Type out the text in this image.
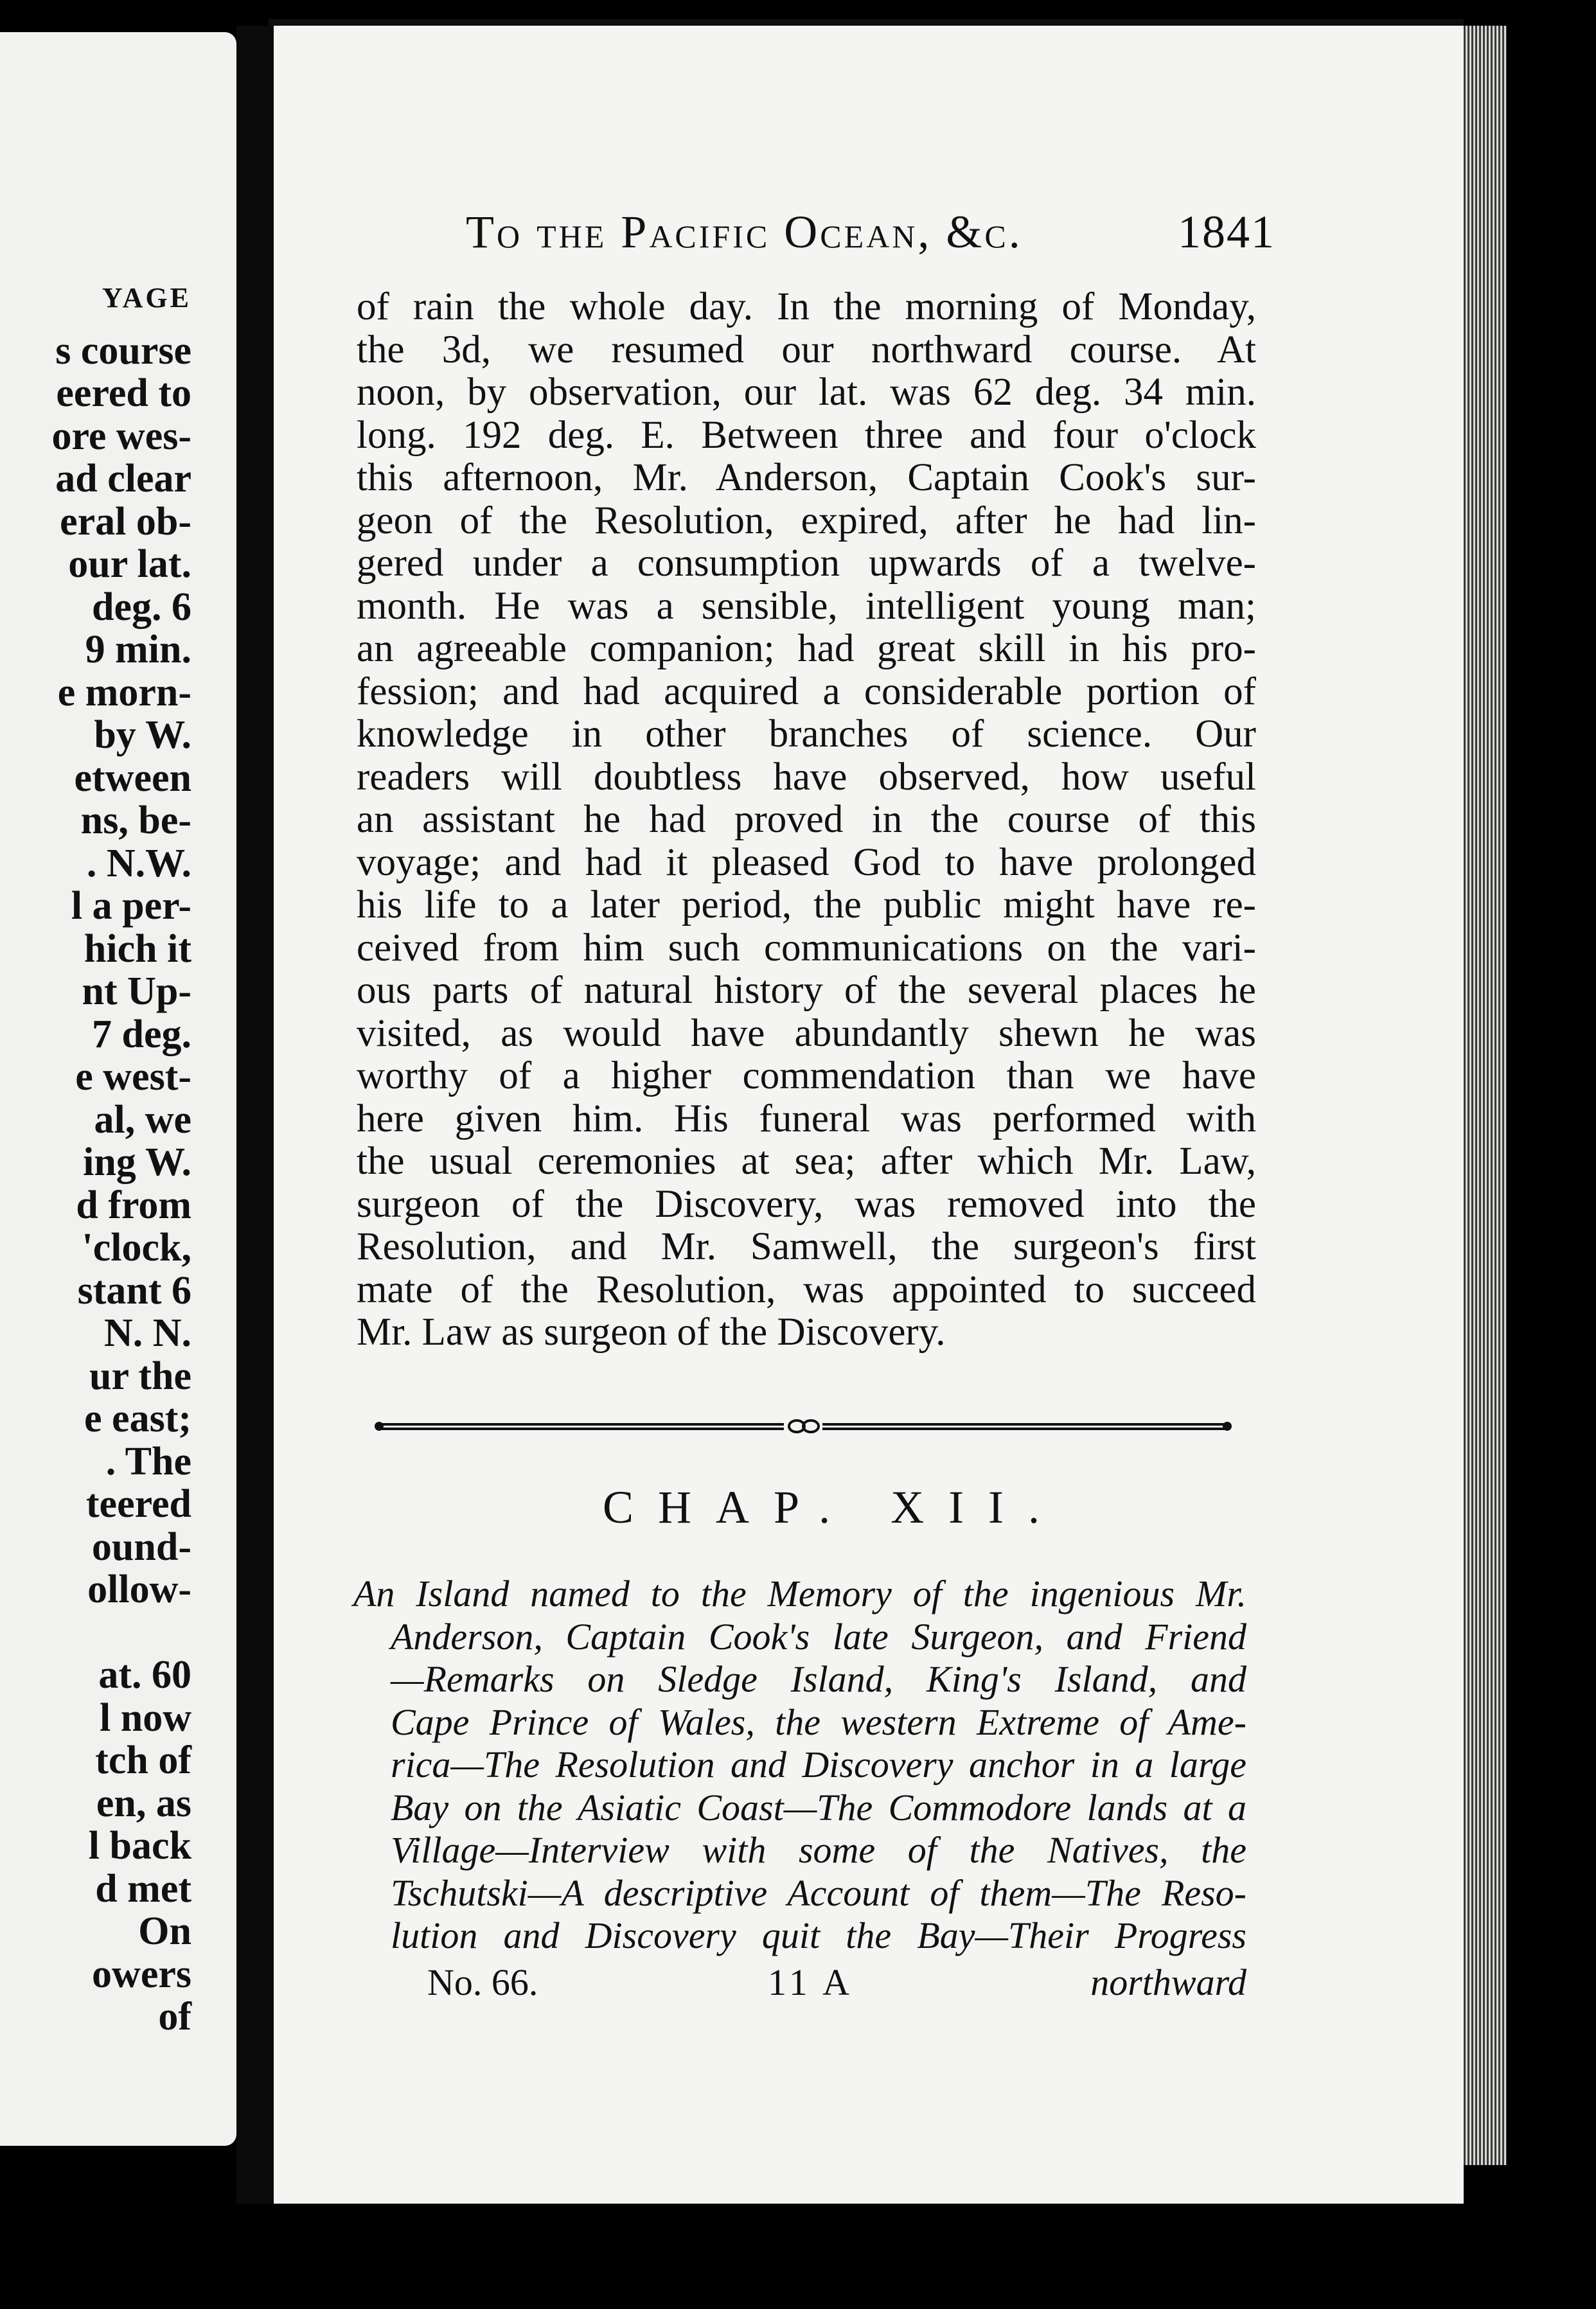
YAGE
s course
eered to
ore wes-
ad clear
eral ob-
our lat.
deg. 6
9 min.
e morn-
by W.
etween
ns, be-
. N.W.
l a per-
hich it
nt Up-
7 deg.
e west-
al, we
ing W.
d from
'clock,
stant 6
N. N.
ur the
e east;
. The
teered
ound-
ollow-
at. 60
l now
tch of
en, as
l back
d met
On
owers
of
To the Pacific Ocean, &c.	1841
of rain the whole day. In the morning of Monday,
the 3d, we resumed our northward course. At
noon, by observation, our lat. was 62 deg. 34 min.
long. 192 deg. E. Between three and four o'clock
this afternoon, Mr. Anderson, Captain Cook's sur-
geon of the Resolution, expired, after he had lin-
gered under a consumption upwards of a twelve-
month. He was a sensible, intelligent young man;
an agreeable companion; had great skill in his pro-
fession; and had acquired a considerable portion of
knowledge in other branches of science. Our
readers will doubtless have observed, how useful
an assistant he had proved in the course of this
voyage; and had it pleased God to have prolonged
his life to a later period, the public might have re-
ceived from him such communications on the vari-
ous parts of natural history of the several places he
visited, as would have abundantly shewn he was
worthy of a higher commendation than we have
here given him. His funeral was performed with
the usual ceremonies at sea; after which Mr. Law,
surgeon of the Discovery, was removed into the
Resolution, and Mr. Samwell, the surgeon's first
mate of the Resolution, was appointed to succeed
Mr. Law as surgeon of the Discovery.
CHAP. XII.
An Island named to the Memory of the ingenious Mr.
Anderson, Captain Cook's late Surgeon, and Friend
—Remarks on Sledge Island, King's Island, and
Cape Prince of Wales, the western Extreme of Ame-
rica—The Resolution and Discovery anchor in a large
Bay on the Asiatic Coast—The Commodore lands at a
Village—Interview with some of the Natives, the
Tschutski—A descriptive Account of them—The Reso-
lution and Discovery quit the Bay—Their Progress
No. 66.	11 A	northward
